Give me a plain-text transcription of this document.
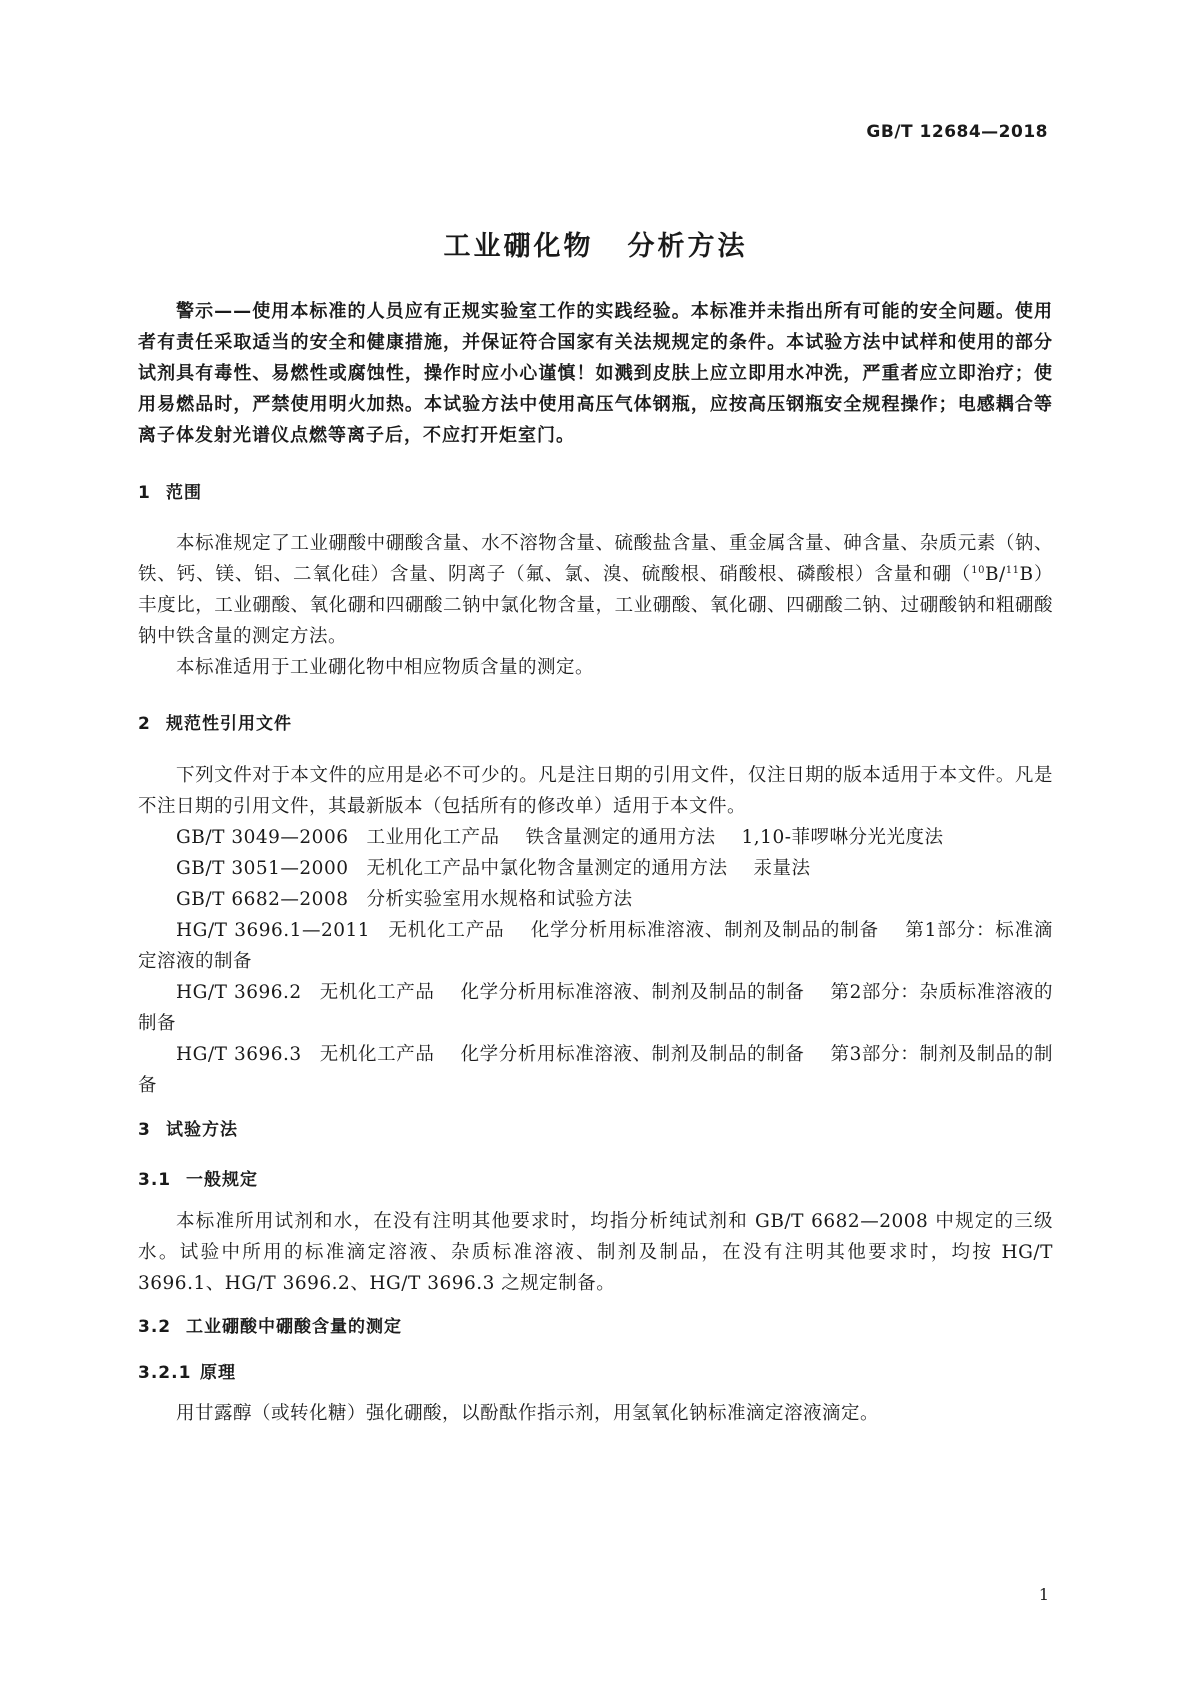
GB/T 12684—2018
工业硼化物 分析方法
警示——使用本标准的人员应有正规实验室工作的实践经验。本标准并未指出所有可能的安全问题。使用者有责任采取适当的安全和健康措施，并保证符合国家有关法规规定的条件。本试验方法中试样和使用的部分试剂具有毒性、易燃性或腐蚀性，操作时应小心谨慎！如溅到皮肤上应立即用水冲洗，严重者应立即治疗；使用易燃品时，严禁使用明火加热。本试验方法中使用高压气体钢瓶，应按高压钢瓶安全规程操作；电感耦合等离子体发射光谱仪点燃等离子后，不应打开炬室门。
1 范围

本标准规定了工业硼酸中硼酸含量、水不溶物含量、硫酸盐含量、重金属含量、砷含量、杂质元素（钠、铁、钙、镁、铝、二氧化硅）含量、阴离子（氟、氯、溴、硫酸根、硝酸根、磷酸根）含量和硼（$^{10}$B/$^{11}$B）丰度比，工业硼酸、氧化硼和四硼酸二钠中氯化物含量，工业硼酸、氧化硼、四硼酸二钠、过硼酸钠和粗硼酸钠中铁含量的测定方法。

本标准适用于工业硼化物中相应物质含量的测定。

2 规范性引用文件

下列文件对于本文件的应用是必不可少的。凡是注日期的引用文件，仅注日期的版本适用于本文件。凡是不注日期的引用文件，其最新版本（包括所有的修改单）适用于本文件。

GB/T 3049—2006 工业用化工产品 铁含量测定的通用方法 1,10-菲啰啉分光光度法

GB/T 3051—2000 无机化工产品中氯化物含量测定的通用方法 汞量法

GB/T 6682—2008 分析实验室用水规格和试验方法

HG/T 3696.1—2011 无机化工产品 化学分析用标准溶液、制剂及制品的制备 第1部分：标准滴定溶液的制备

HG/T 3696.2 无机化工产品 化学分析用标准溶液、制剂及制品的制备 第2部分：杂质标准溶液的制备

HG/T 3696.3 无机化工产品 化学分析用标准溶液、制剂及制品的制备 第3部分：制剂及制品的制备

3 试验方法
3.1 一般规定

本标准所用试剂和水，在没有注明其他要求时，均指分析纯试剂和 GB/T 6682—2008 中规定的三级水。试验中所用的标准滴定溶液、杂质标准溶液、制剂及制品，在没有注明其他要求时，均按 HG/T 3696.1、HG/T 3696.2、HG/T 3696.3 之规定制备。

3.2 工业硼酸中硼酸含量的测定
3.2.1 原理

用甘露醇（或转化糖）强化硼酸，以酚酞作指示剂，用氢氧化钠标准滴定溶液滴定。

1
